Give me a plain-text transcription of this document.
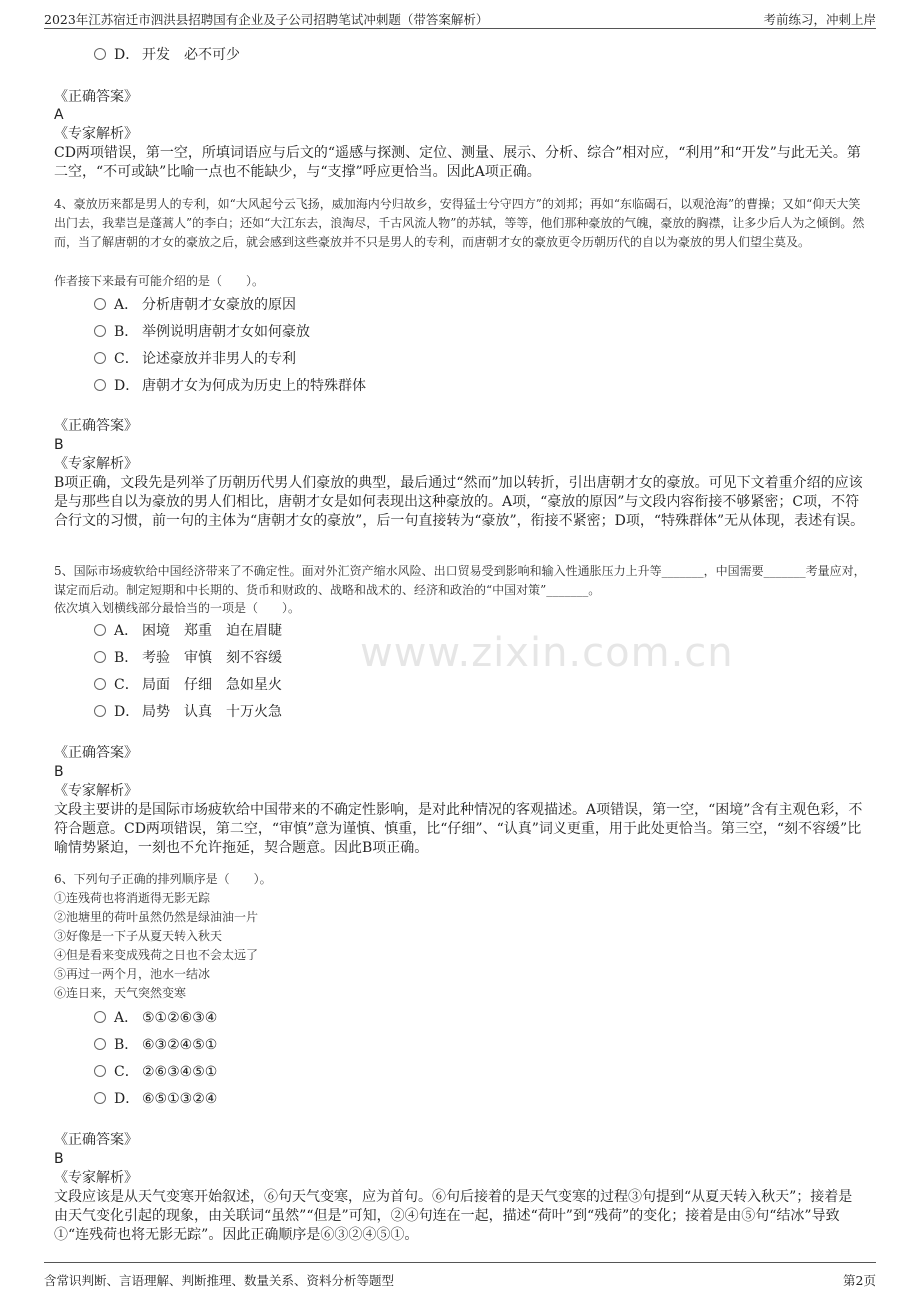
2023年江苏宿迁市泗洪县招聘国有企业及子公司招聘笔试冲刺题（带答案解析）	考前练习，冲刺上岸
www.zixin.com.cn
D． 开发　必不可少
《正确答案》
A
《专家解析》
CD两项错误，第一空，所填词语应与后文的“遥感与探测、定位、测量、展示、分析、综合”相对应，“利用”和“开发”与此无关。第二空，“不可或缺”比喻一点也不能缺少，与“支撑”呼应更恰当。因此A项正确。
4、豪放历来都是男人的专利，如“大风起兮云飞扬，威加海内兮归故乡，安得猛士兮守四方”的刘邦；再如“东临碣石，以观沧海”的曹操；又如“仰天大笑出门去，我辈岂是蓬蒿人”的李白；还如“大江东去，浪淘尽，千古风流人物”的苏轼，等等，他们那种豪放的气魄，豪放的胸襟，让多少后人为之倾倒。然而，当了解唐朝的才女的豪放之后，就会感到这些豪放并不只是男人的专利，而唐朝才女的豪放更令历朝历代的自以为豪放的男人们望尘莫及。
作者接下来最有可能介绍的是（　　）。
A． 分析唐朝才女豪放的原因
B． 举例说明唐朝才女如何豪放
C． 论述豪放并非男人的专利
D． 唐朝才女为何成为历史上的特殊群体
《正确答案》
B
《专家解析》
B项正确，文段先是列举了历朝历代男人们豪放的典型，最后通过“然而”加以转折，引出唐朝才女的豪放。可见下文着重介绍的应该是与那些自以为豪放的男人们相比，唐朝才女是如何表现出这种豪放的。A项，“豪放的原因”与文段内容衔接不够紧密；C项，不符合行文的习惯，前一句的主体为“唐朝才女的豪放”，后一句直接转为“豪放”，衔接不紧密；D项，“特殊群体”无从体现，表述有误。
5、国际市场疲软给中国经济带来了不确定性。面对外汇资产缩水风险、出口贸易受到影响和输入性通胀压力上升等_______，中国需要_______考量应对，谋定而后动。制定短期和中长期的、货币和财政的、战略和战术的、经济和政治的“中国对策”_______。
依次填入划横线部分最恰当的一项是（　　）。
A． 困境　郑重　迫在眉睫
B． 考验　审慎　刻不容缓
C． 局面　仔细　急如星火
D． 局势　认真　十万火急
《正确答案》
B
《专家解析》
文段主要讲的是国际市场疲软给中国带来的不确定性影响，是对此种情况的客观描述。A项错误，第一空，“困境”含有主观色彩，不符合题意。CD两项错误，第二空，“审慎”意为谨慎、慎重，比“仔细”、“认真”词义更重，用于此处更恰当。第三空，“刻不容缓”比喻情势紧迫，一刻也不允许拖延，契合题意。因此B项正确。
6、下列句子正确的排列顺序是（　　）。
①连残荷也将消逝得无影无踪
②池塘里的荷叶虽然仍然是绿油油一片
③好像是一下子从夏天转入秋天
④但是看来变成残荷之日也不会太远了
⑤再过一两个月，池水一结冰
⑥连日来，天气突然变寒
A． ⑤①②⑥③④
B． ⑥③②④⑤①
C． ②⑥③④⑤①
D． ⑥⑤①③②④
《正确答案》
B
《专家解析》
文段应该是从天气变寒开始叙述，⑥句天气变寒，应为首句。⑥句后接着的是天气变寒的过程③句提到“从夏天转入秋天”；接着是由天气变化引起的现象，由关联词“虽然”“但是”可知，②④句连在一起，描述“荷叶”到“残荷”的变化；接着是由⑤句“结冰”导致①“连残荷也将无影无踪”。因此正确顺序是⑥③②④⑤①。
含常识判断、言语理解、判断推理、数量关系、资料分析等题型	第2页
